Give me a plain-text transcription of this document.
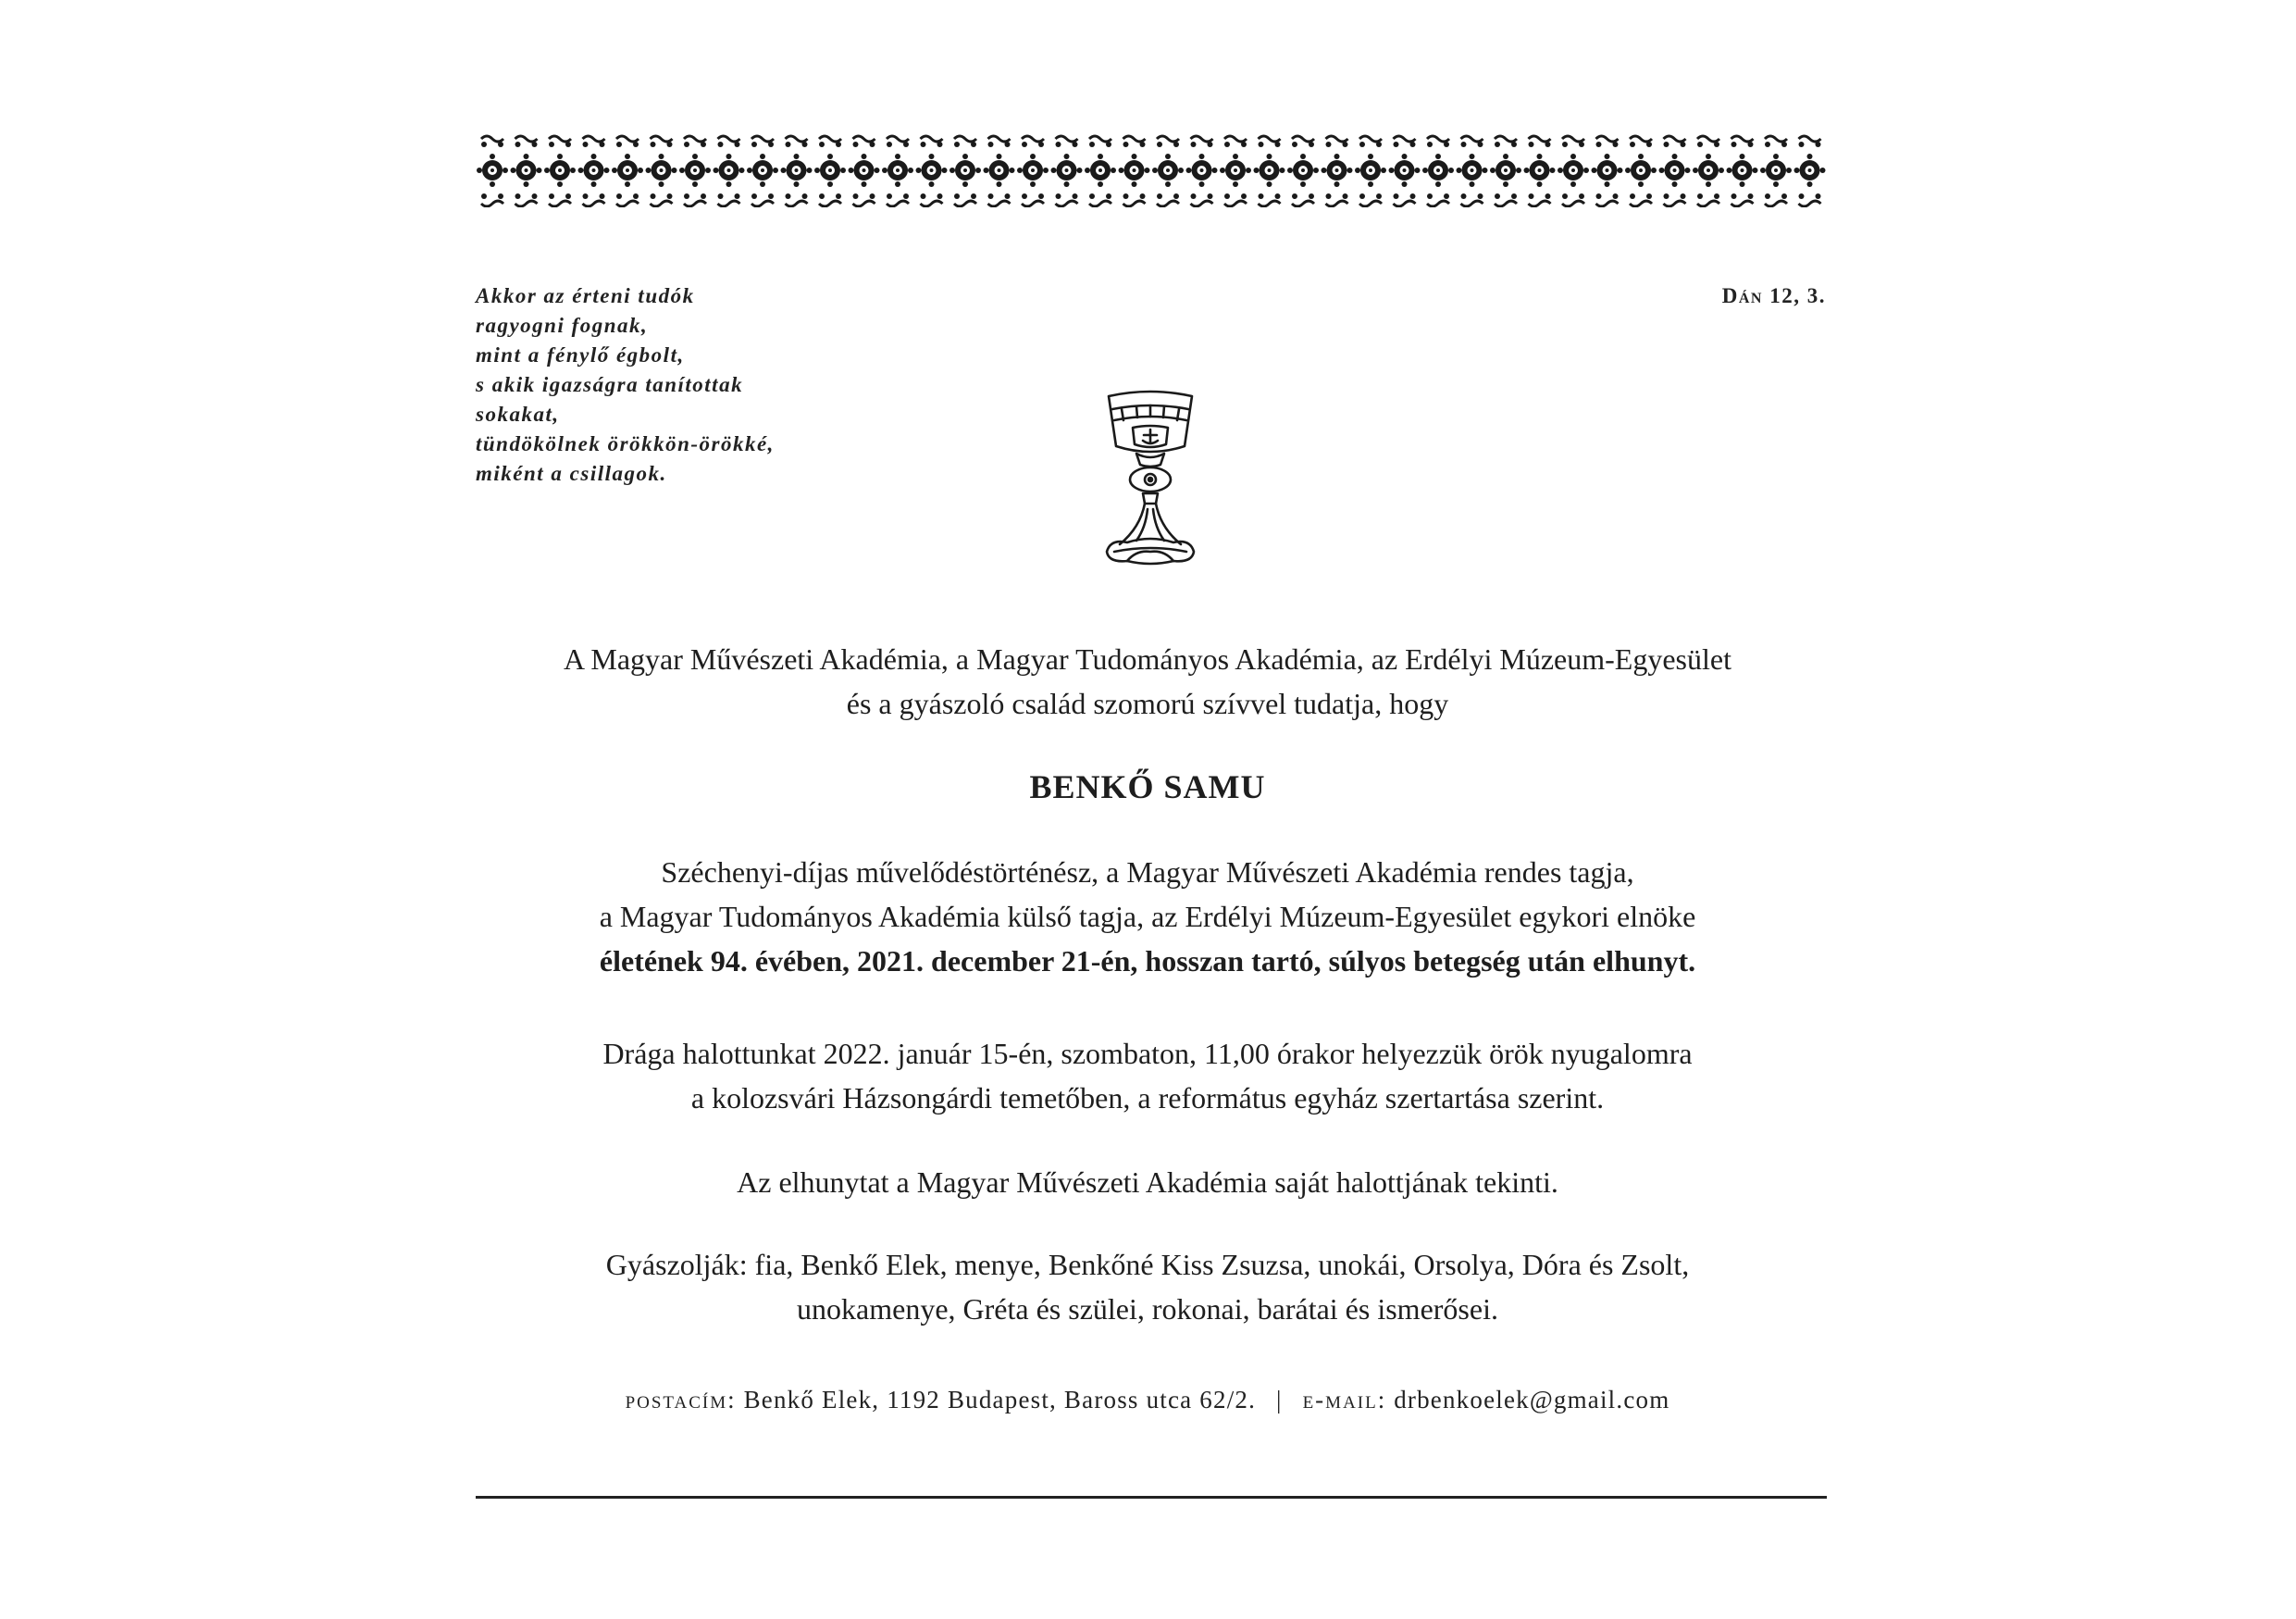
Akkor az érteni tudók
ragyogni fognak,
mint a fénylő égbolt,
s akik igazságra tanítottak
sokakat,
tündökölnek örökkön-örökké,
miként a csillagok.
Dán 12, 3.
A Magyar Művészeti Akadémia, a Magyar Tudományos Akadémia, az Erdélyi Múzeum-Egyesület
és a gyászoló család szomorú szívvel tudatja, hogy
BENKŐ SAMU
Széchenyi-díjas művelődéstörténész, a Magyar Művészeti Akadémia rendes tagja,
a Magyar Tudományos Akadémia külső tagja, az Erdélyi Múzeum-Egyesület egykori elnöke
életének 94. évében, 2021. december 21-én, hosszan tartó, súlyos betegség után elhunyt.
Drága halottunkat 2022. január 15-én, szombaton, 11,00 órakor helyezzük örök nyugalomra
a kolozsvári Házsongárdi temetőben, a református egyház szertartása szerint.
Az elhunytat a Magyar Művészeti Akadémia saját halottjának tekinti.
Gyászolják: fia, Benkő Elek, menye, Benkőné Kiss Zsuzsa, unokái, Orsolya, Dóra és Zsolt,
unokamenye, Gréta és szülei, rokonai, barátai és ismerősei.
postacím: Benkő Elek, 1192 Budapest, Baross utca 62/2. | e-mail: drbenkoelek@gmail.com
